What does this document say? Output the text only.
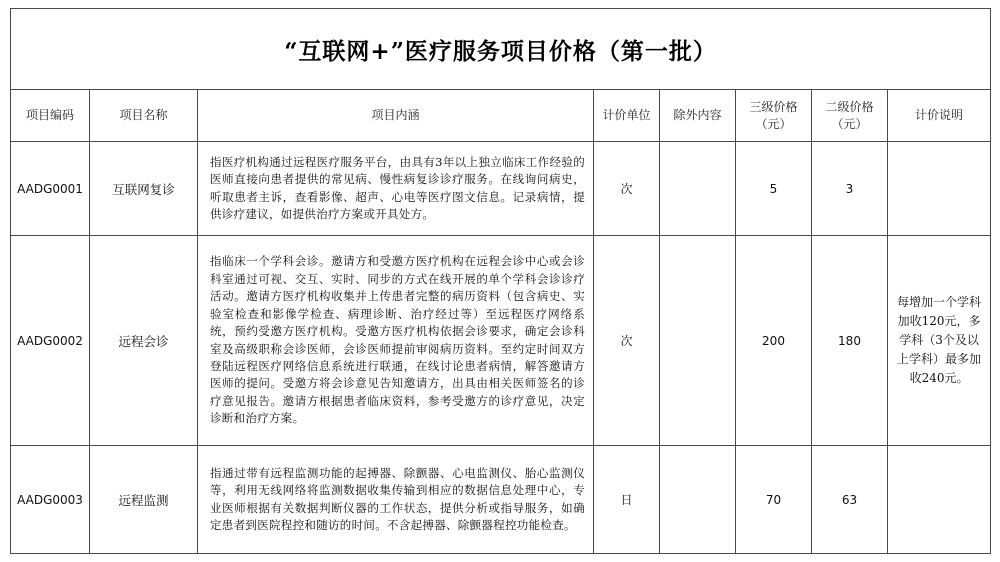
“互联网+”医疗服务项目价格（第一批）							
项目编码	项目名称	项目内涵	计价单位	除外内容	三级价格（元）	二级价格（元）	计价说明
AADG0001	互联网复诊	指医疗机构通过远程医疗服务平台，由具有3年以上独立临床工作经验的医师直接向患者提供的常见病、慢性病复诊诊疗服务。在线询问病史，听取患者主诉，查看影像、超声、心电等医疗图文信息。记录病情，提供诊疗建议，如提供治疗方案或开具处方。	次		5	3	
AADG0002	远程会诊	指临床一个学科会诊。邀请方和受邀方医疗机构在远程会诊中心或会诊科室通过可视、交互、实时、同步的方式在线开展的单个学科会诊诊疗活动。邀请方医疗机构收集并上传患者完整的病历资料（包含病史、实验室检查和影像学检查、病理诊断、治疗经过等）至远程医疗网络系统，预约受邀方医疗机构。受邀方医疗机构依据会诊要求，确定会诊科室及高级职称会诊医师，会诊医师提前审阅病历资料。至约定时间双方登陆远程医疗网络信息系统进行联通，在线讨论患者病情，解答邀请方医师的提问。受邀方将会诊意见告知邀请方，出具由相关医师签名的诊疗意见报告。邀请方根据患者临床资料，参考受邀方的诊疗意见，决定诊断和治疗方案。	次		200	180	每增加一个学科加收120元，多学科（3个及以上学科）最多加收240元。
AADG0003	远程监测	指通过带有远程监测功能的起搏器、除颤器、心电监测仪、胎心监测仪等，利用无线网络将监测数据收集传输到相应的数据信息处理中心，专业医师根据有关数据判断仪器的工作状态，提供分析或指导服务，如确定患者到医院程控和随访的时间。不含起搏器、除颤器程控功能检查。	日		70	63	
